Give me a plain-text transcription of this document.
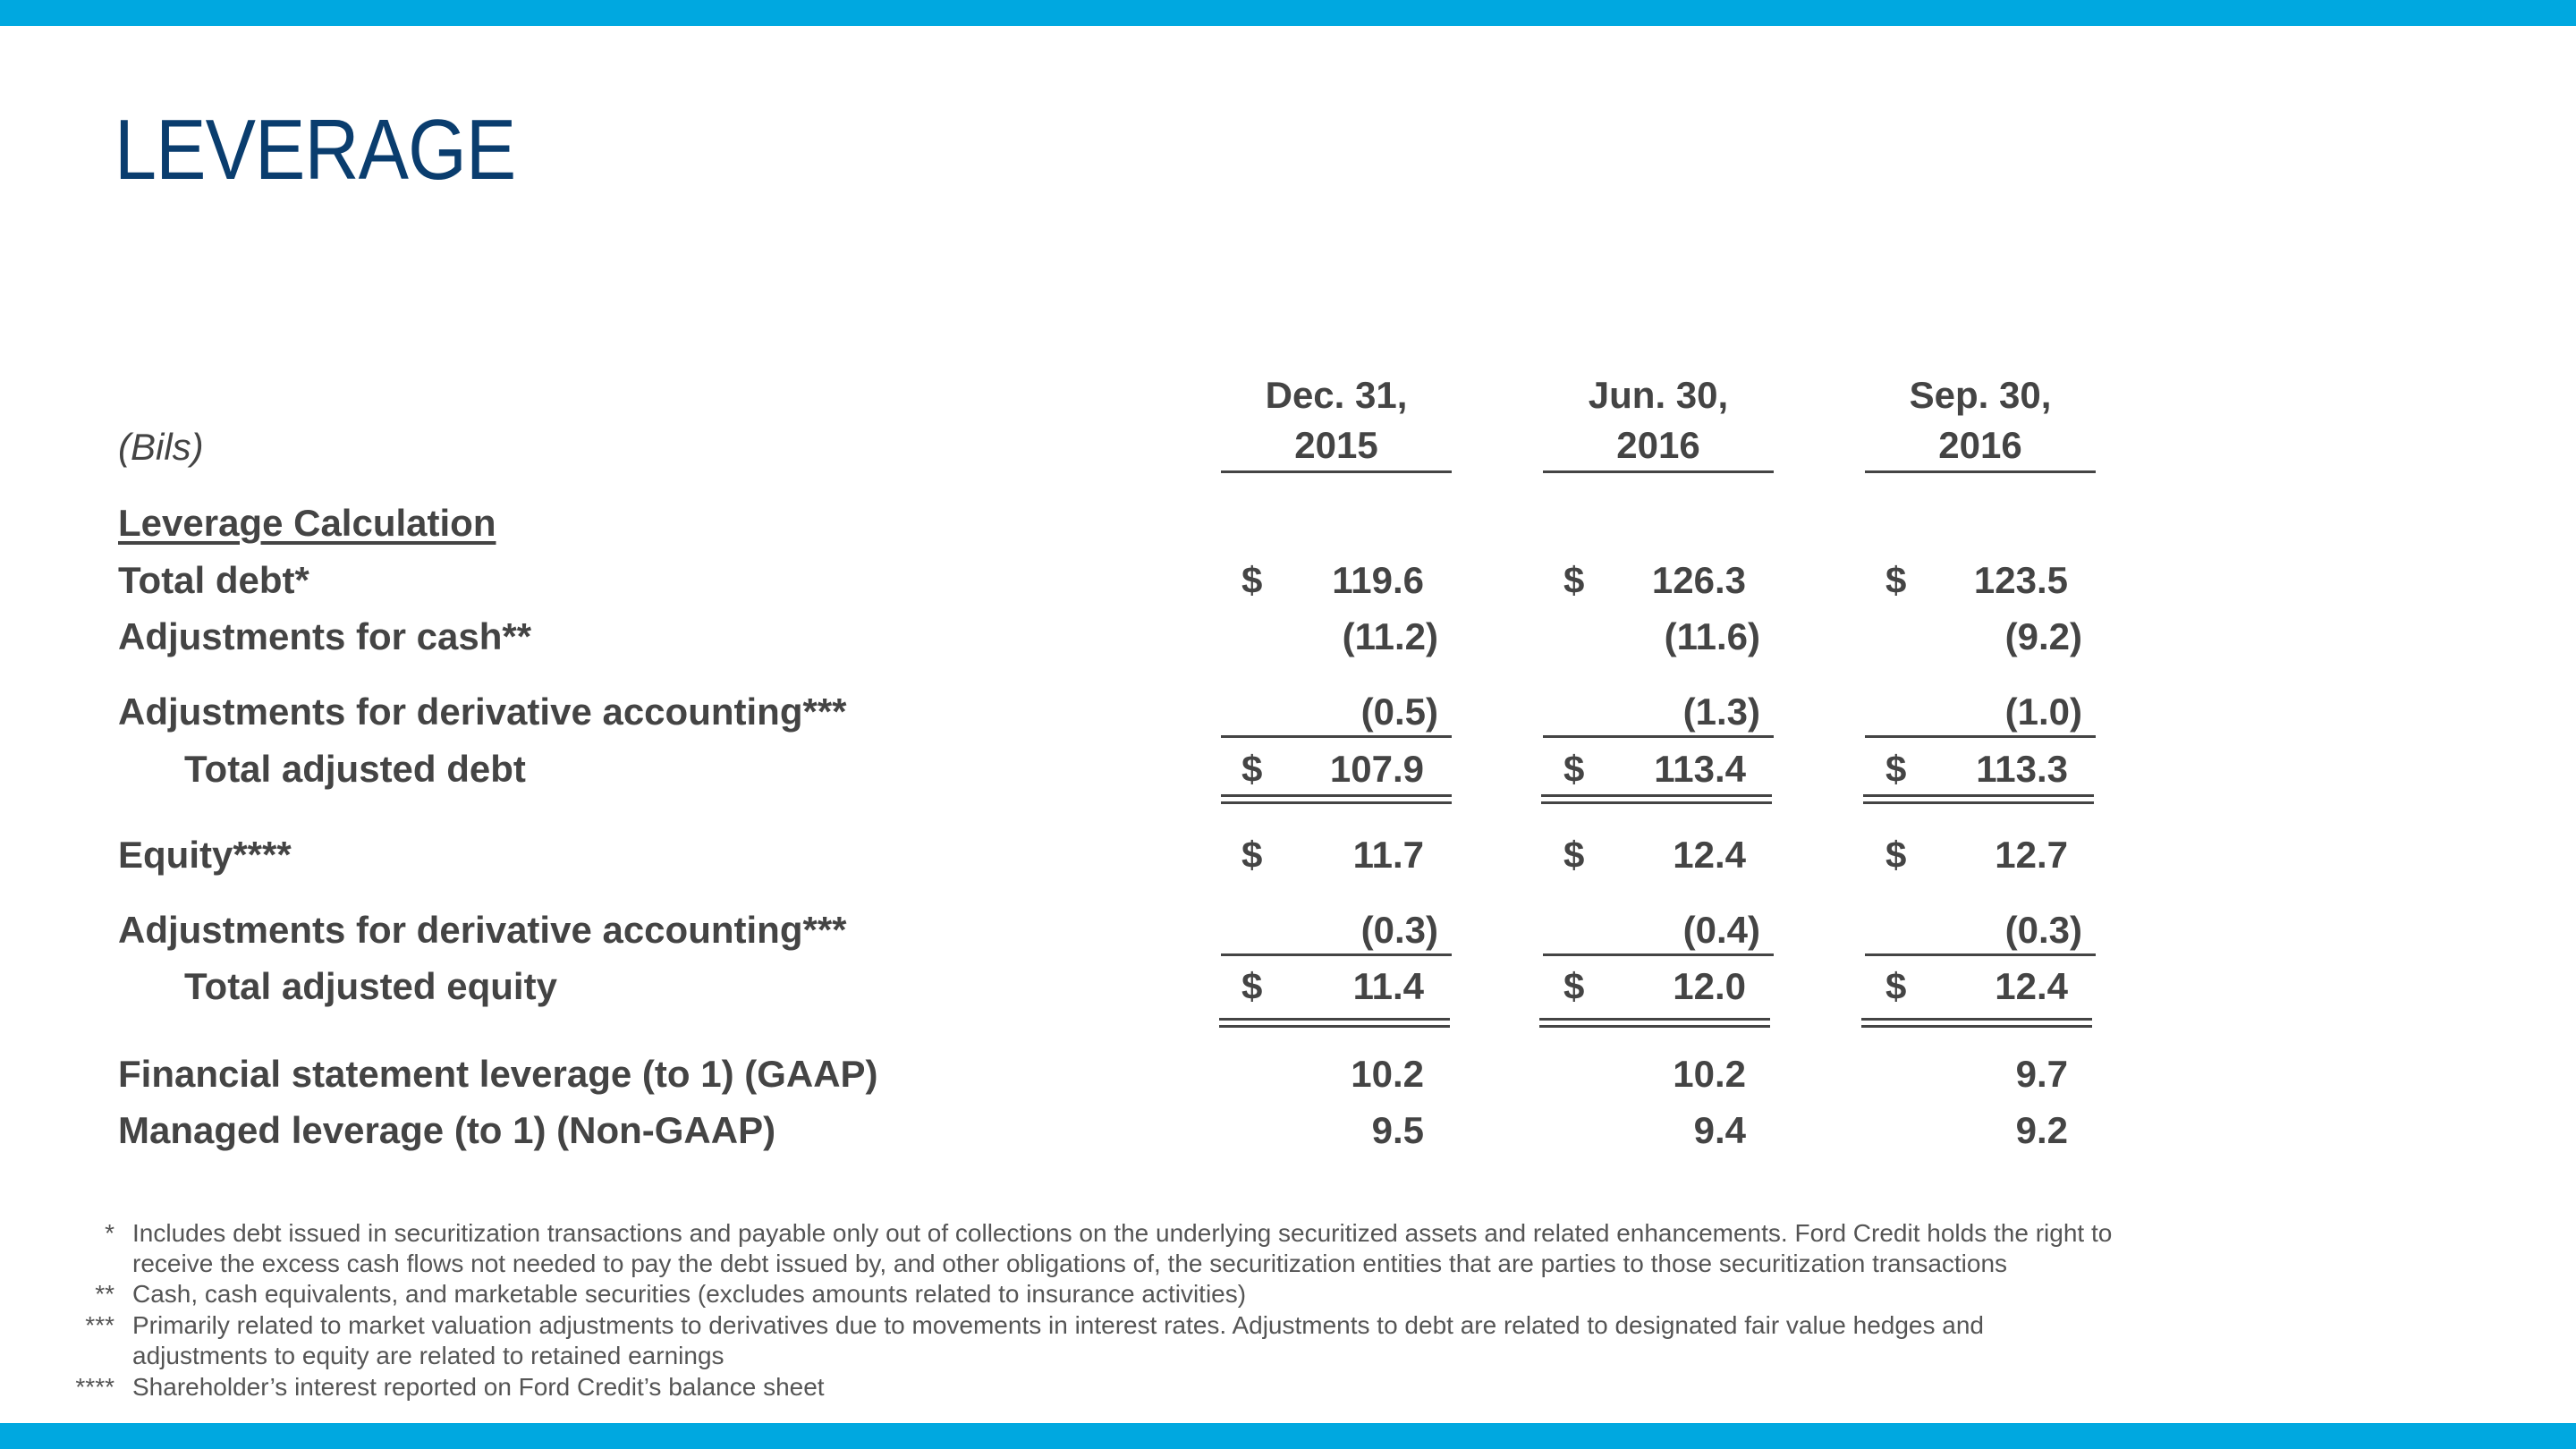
LEVERAGE
(Bils)
Dec. 31,
2015
Jun. 30,
2016
Sep. 30,
2016
Leverage Calculation
Total debt*	$	119.6	$	126.3	$	123.5
Adjustments for cash**	(11.2)	(11.6)	(9.2)
Adjustments for derivative accounting***	(0.5)	(1.3)	(1.0)
Total adjusted debt	$	107.9	$	113.4	$	113.3
Equity****	$	11.7	$	12.4	$	12.7
Adjustments for derivative accounting***	(0.3)	(0.4)	(0.3)
Total adjusted equity	$	11.4	$	12.0	$	12.4
Financial statement leverage (to 1) (GAAP)	10.2	10.2	9.7
Managed leverage (to 1) (Non-GAAP)	9.5	9.4	9.2
* Includes debt issued in securitization transactions and payable only out of collections on the underlying securitized assets and related enhancements. Ford Credit holds the right to
receive the excess cash flows not needed to pay the debt issued by, and other obligations of, the securitization entities that are parties to those securitization transactions
** Cash, cash equivalents, and marketable securities (excludes amounts related to insurance activities)
*** Primarily related to market valuation adjustments to derivatives due to movements in interest rates. Adjustments to debt are related to designated fair value hedges and
adjustments to equity are related to retained earnings
**** Shareholder’s interest reported on Ford Credit’s balance sheet
